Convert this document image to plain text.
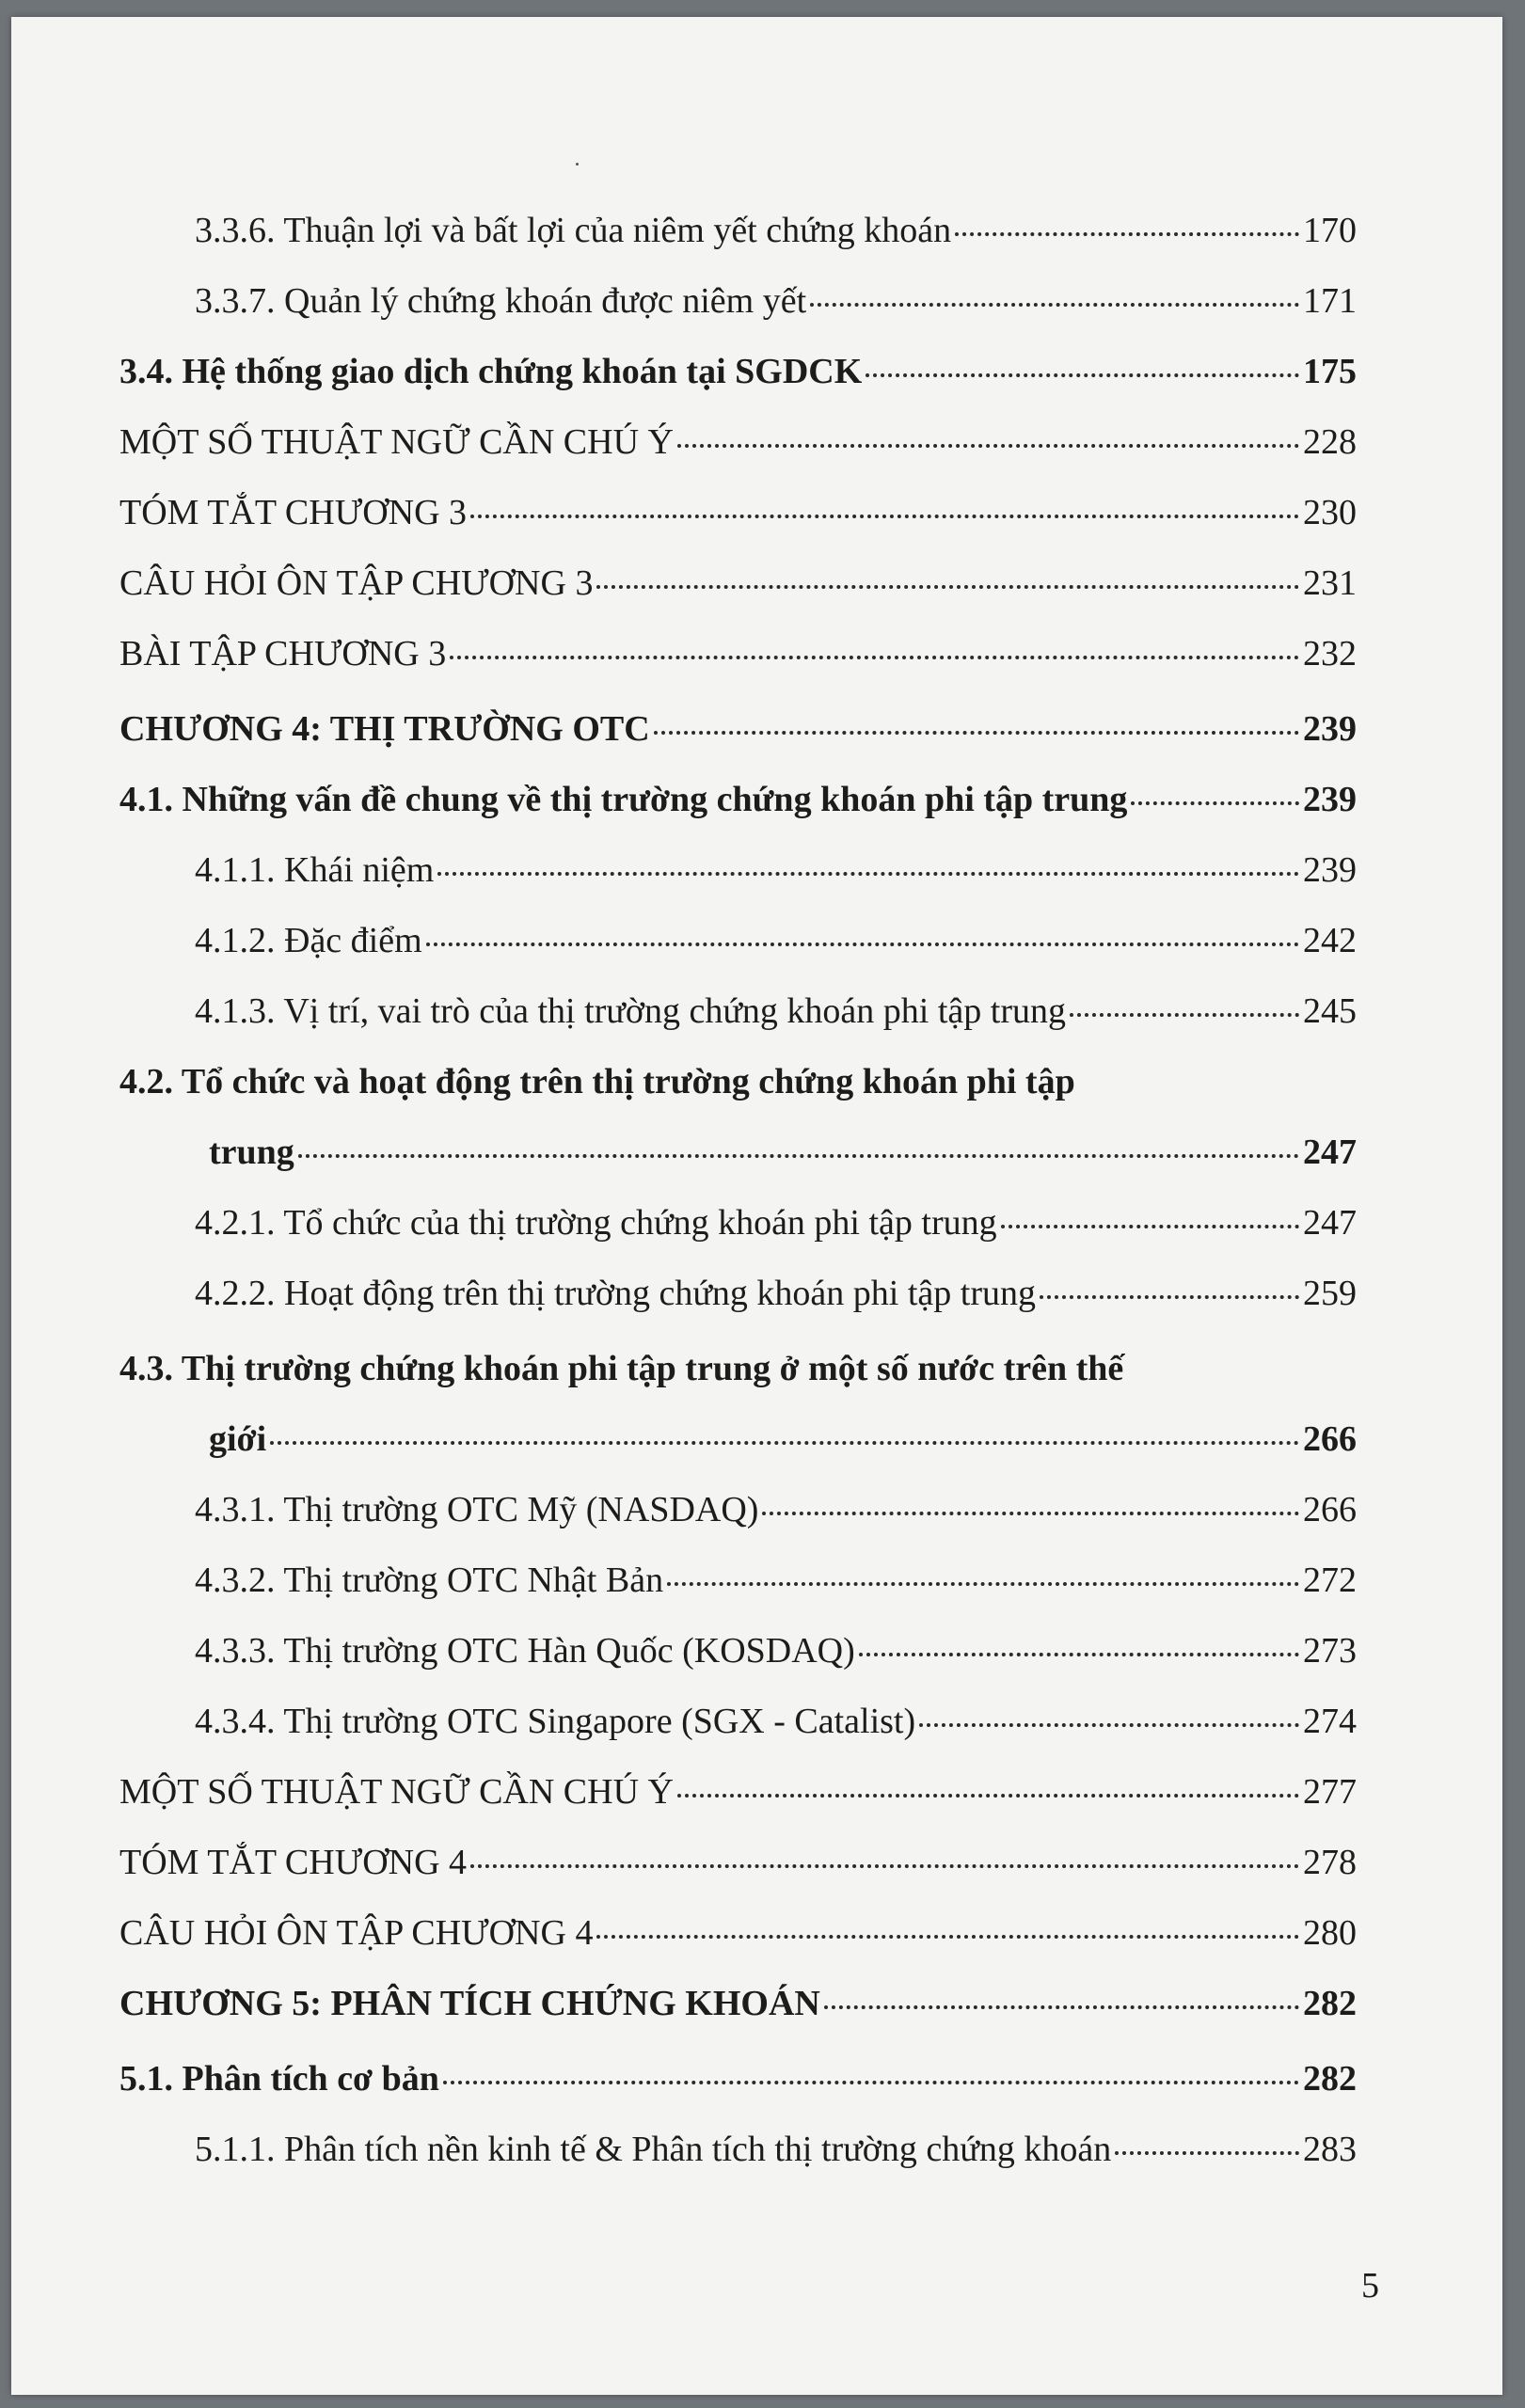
3.3.6. Thuận lợi và bất lợi của niêm yết chứng khoán	170
3.3.7. Quản lý chứng khoán được niêm yết	171
3.4. Hệ thống giao dịch chứng khoán tại SGDCK	175
MỘT SỐ THUẬT NGỮ CẦN CHÚ Ý	228
TÓM TẮT CHƯƠNG 3	230
CÂU HỎI ÔN TẬP CHƯƠNG 3	231
BÀI TẬP CHƯƠNG 3	232
CHƯƠNG 4: THỊ TRƯỜNG OTC	239
4.1. Những vấn đề chung về thị trường chứng khoán phi tập trung	239
4.1.1. Khái niệm	239
4.1.2. Đặc điểm	242
4.1.3. Vị trí, vai trò của thị trường chứng khoán phi tập trung	245
4.2. Tổ chức và hoạt động trên thị trường chứng khoán phi tập
trung	247
4.2.1. Tổ chức của thị trường chứng khoán phi tập trung	247
4.2.2. Hoạt động trên thị trường chứng khoán phi tập trung	259
4.3. Thị trường chứng khoán phi tập trung ở một số nước trên thế
giới	266
4.3.1. Thị trường OTC Mỹ (NASDAQ)	266
4.3.2. Thị trường OTC Nhật Bản	272
4.3.3. Thị trường OTC Hàn Quốc (KOSDAQ)	273
4.3.4. Thị trường OTC Singapore (SGX - Catalist)	274
MỘT SỐ THUẬT NGỮ CẦN CHÚ Ý	277
TÓM TẮT CHƯƠNG 4	278
CÂU HỎI ÔN TẬP CHƯƠNG 4	280
CHƯƠNG 5: PHÂN TÍCH CHỨNG KHOÁN	282
5.1. Phân tích cơ bản	282
5.1.1. Phân tích nền kinh tế & Phân tích thị trường chứng khoán	283
5
